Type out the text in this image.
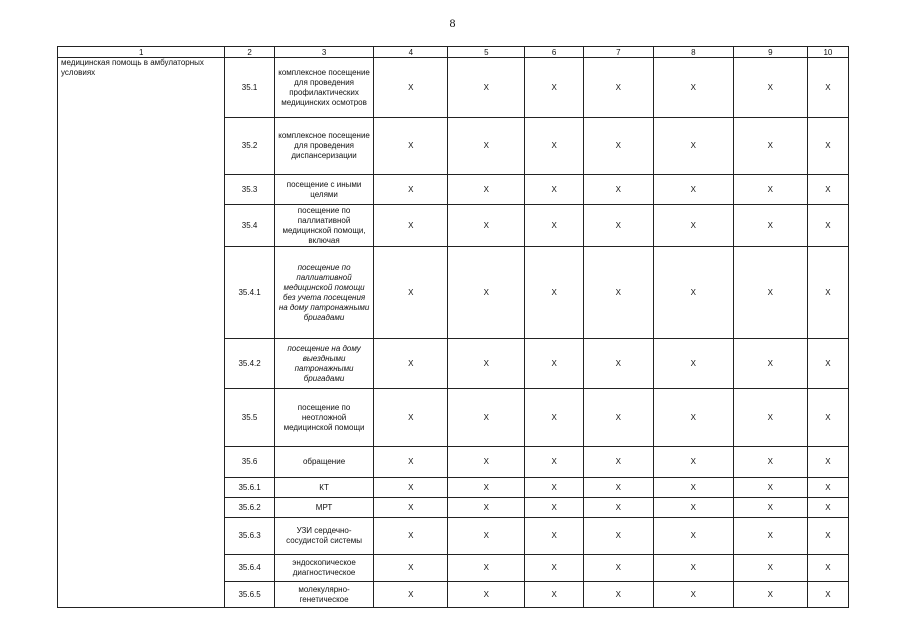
8
1	2	3	4	5	6	7	8	9	10
медицинская помощь в амбулаторных условиях	35.1	комплексное посещение для проведения профилактических медицинских осмотров	X	X	X	X	X	X	X
	35.2	комплексное посещение для проведения диспансеризации	X	X	X	X	X	X	X
	35.3	посещение с иными целями	X	X	X	X	X	X	X
	35.4	посещение по паллиативной медицинской помощи, включая	X	X	X	X	X	X	X
	35.4.1	посещение по паллиативной медицинской помощи без учета посещения на дому патронажными бригадами	X	X	X	X	X	X	X
	35.4.2	посещение на дому выездными патронажными бригадами	X	X	X	X	X	X	X
	35.5	посещение по неотложной медицинской помощи	X	X	X	X	X	X	X
	35.6	обращение	X	X	X	X	X	X	X
	35.6.1	КТ	X	X	X	X	X	X	X
	35.6.2	МРТ	X	X	X	X	X	X	X
	35.6.3	УЗИ сердечно-сосудистой системы	X	X	X	X	X	X	X
	35.6.4	эндоскопическое диагностическое	X	X	X	X	X	X	X
	35.6.5	молекулярно-генетическое	X	X	X	X	X	X	X
